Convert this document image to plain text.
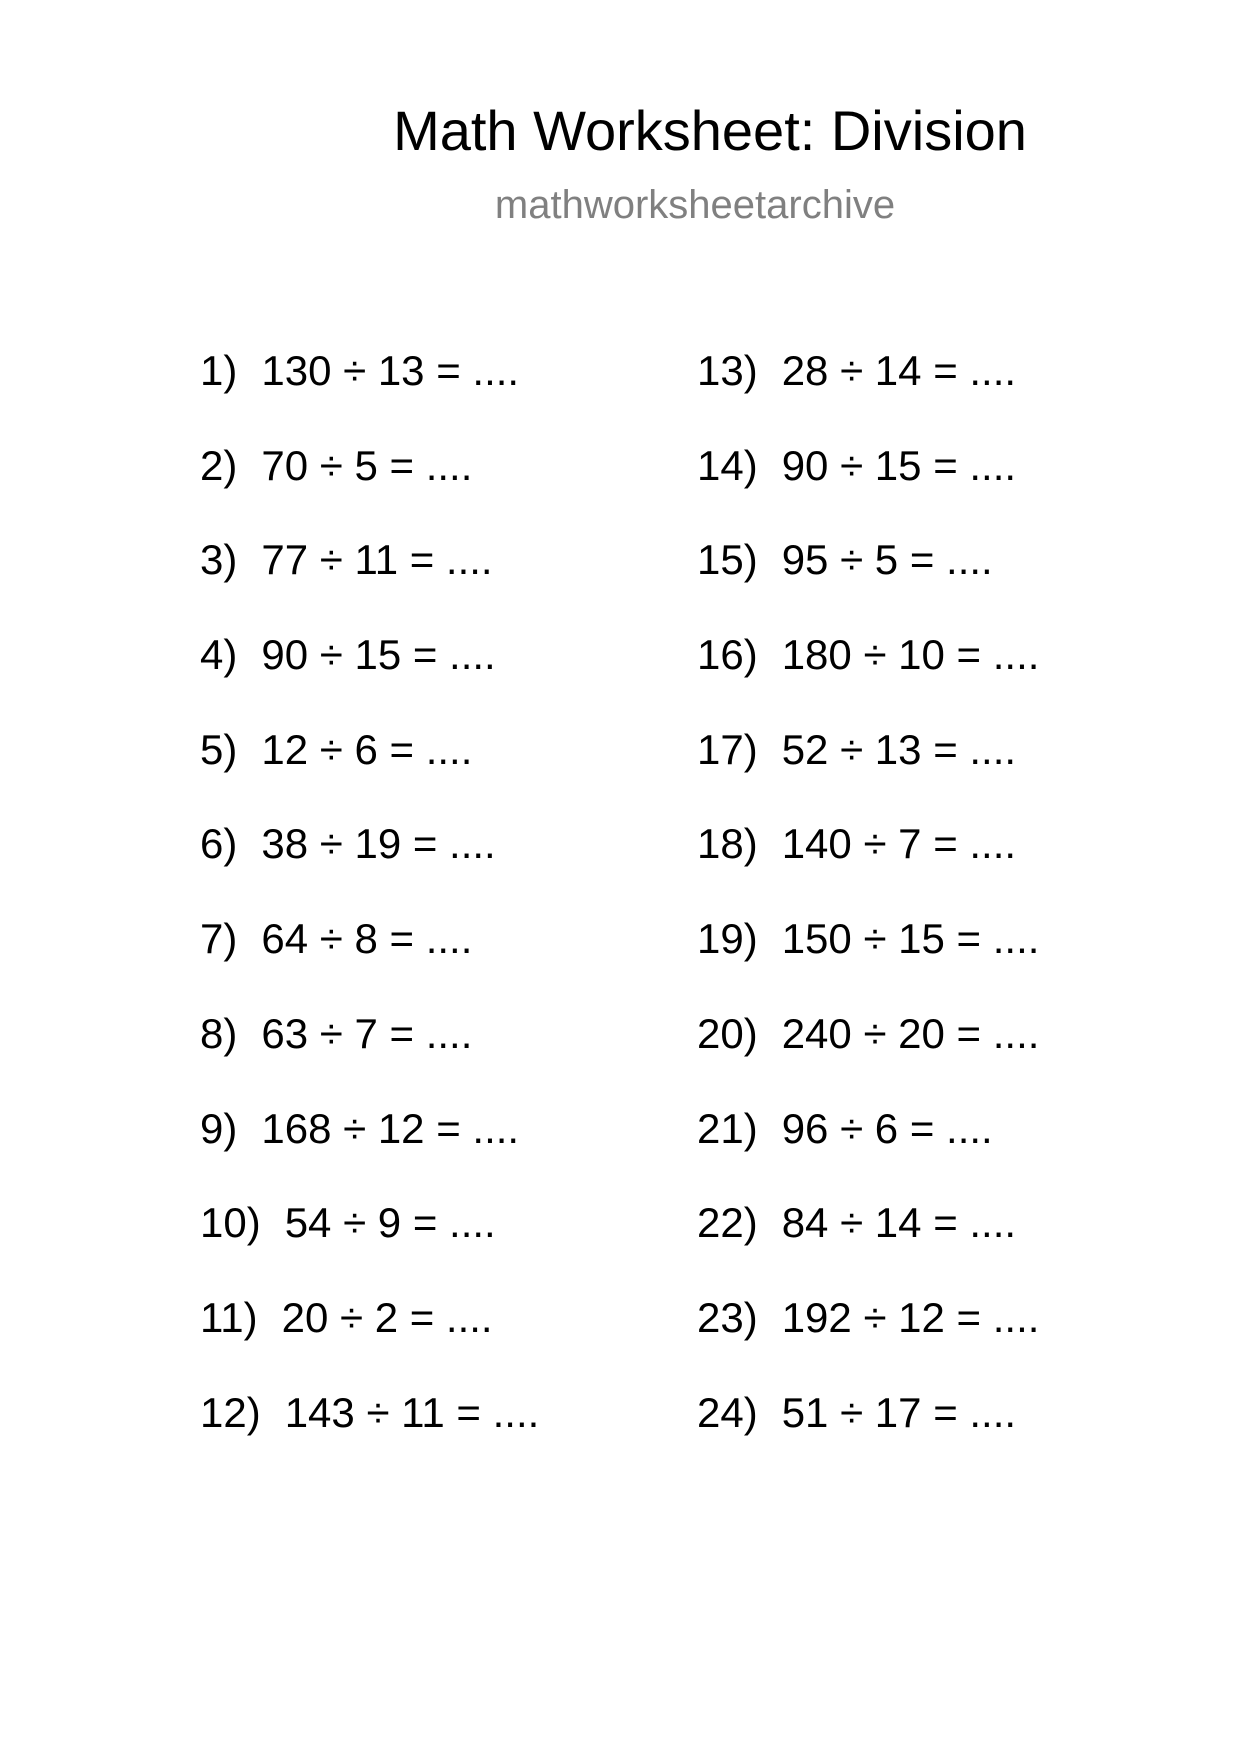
Math Worksheet: Division
mathworksheetarchive
1) 130 ÷ 13 = ....
2) 70 ÷ 5 = ....
3) 77 ÷ 11 = ....
4) 90 ÷ 15 = ....
5) 12 ÷ 6 = ....
6) 38 ÷ 19 = ....
7) 64 ÷ 8 = ....
8) 63 ÷ 7 = ....
9) 168 ÷ 12 = ....
10) 54 ÷ 9 = ....
11) 20 ÷ 2 = ....
12) 143 ÷ 11 = ....
13) 28 ÷ 14 = ....
14) 90 ÷ 15 = ....
15) 95 ÷ 5 = ....
16) 180 ÷ 10 = ....
17) 52 ÷ 13 = ....
18) 140 ÷ 7 = ....
19) 150 ÷ 15 = ....
20) 240 ÷ 20 = ....
21) 96 ÷ 6 = ....
22) 84 ÷ 14 = ....
23) 192 ÷ 12 = ....
24) 51 ÷ 17 = ....
